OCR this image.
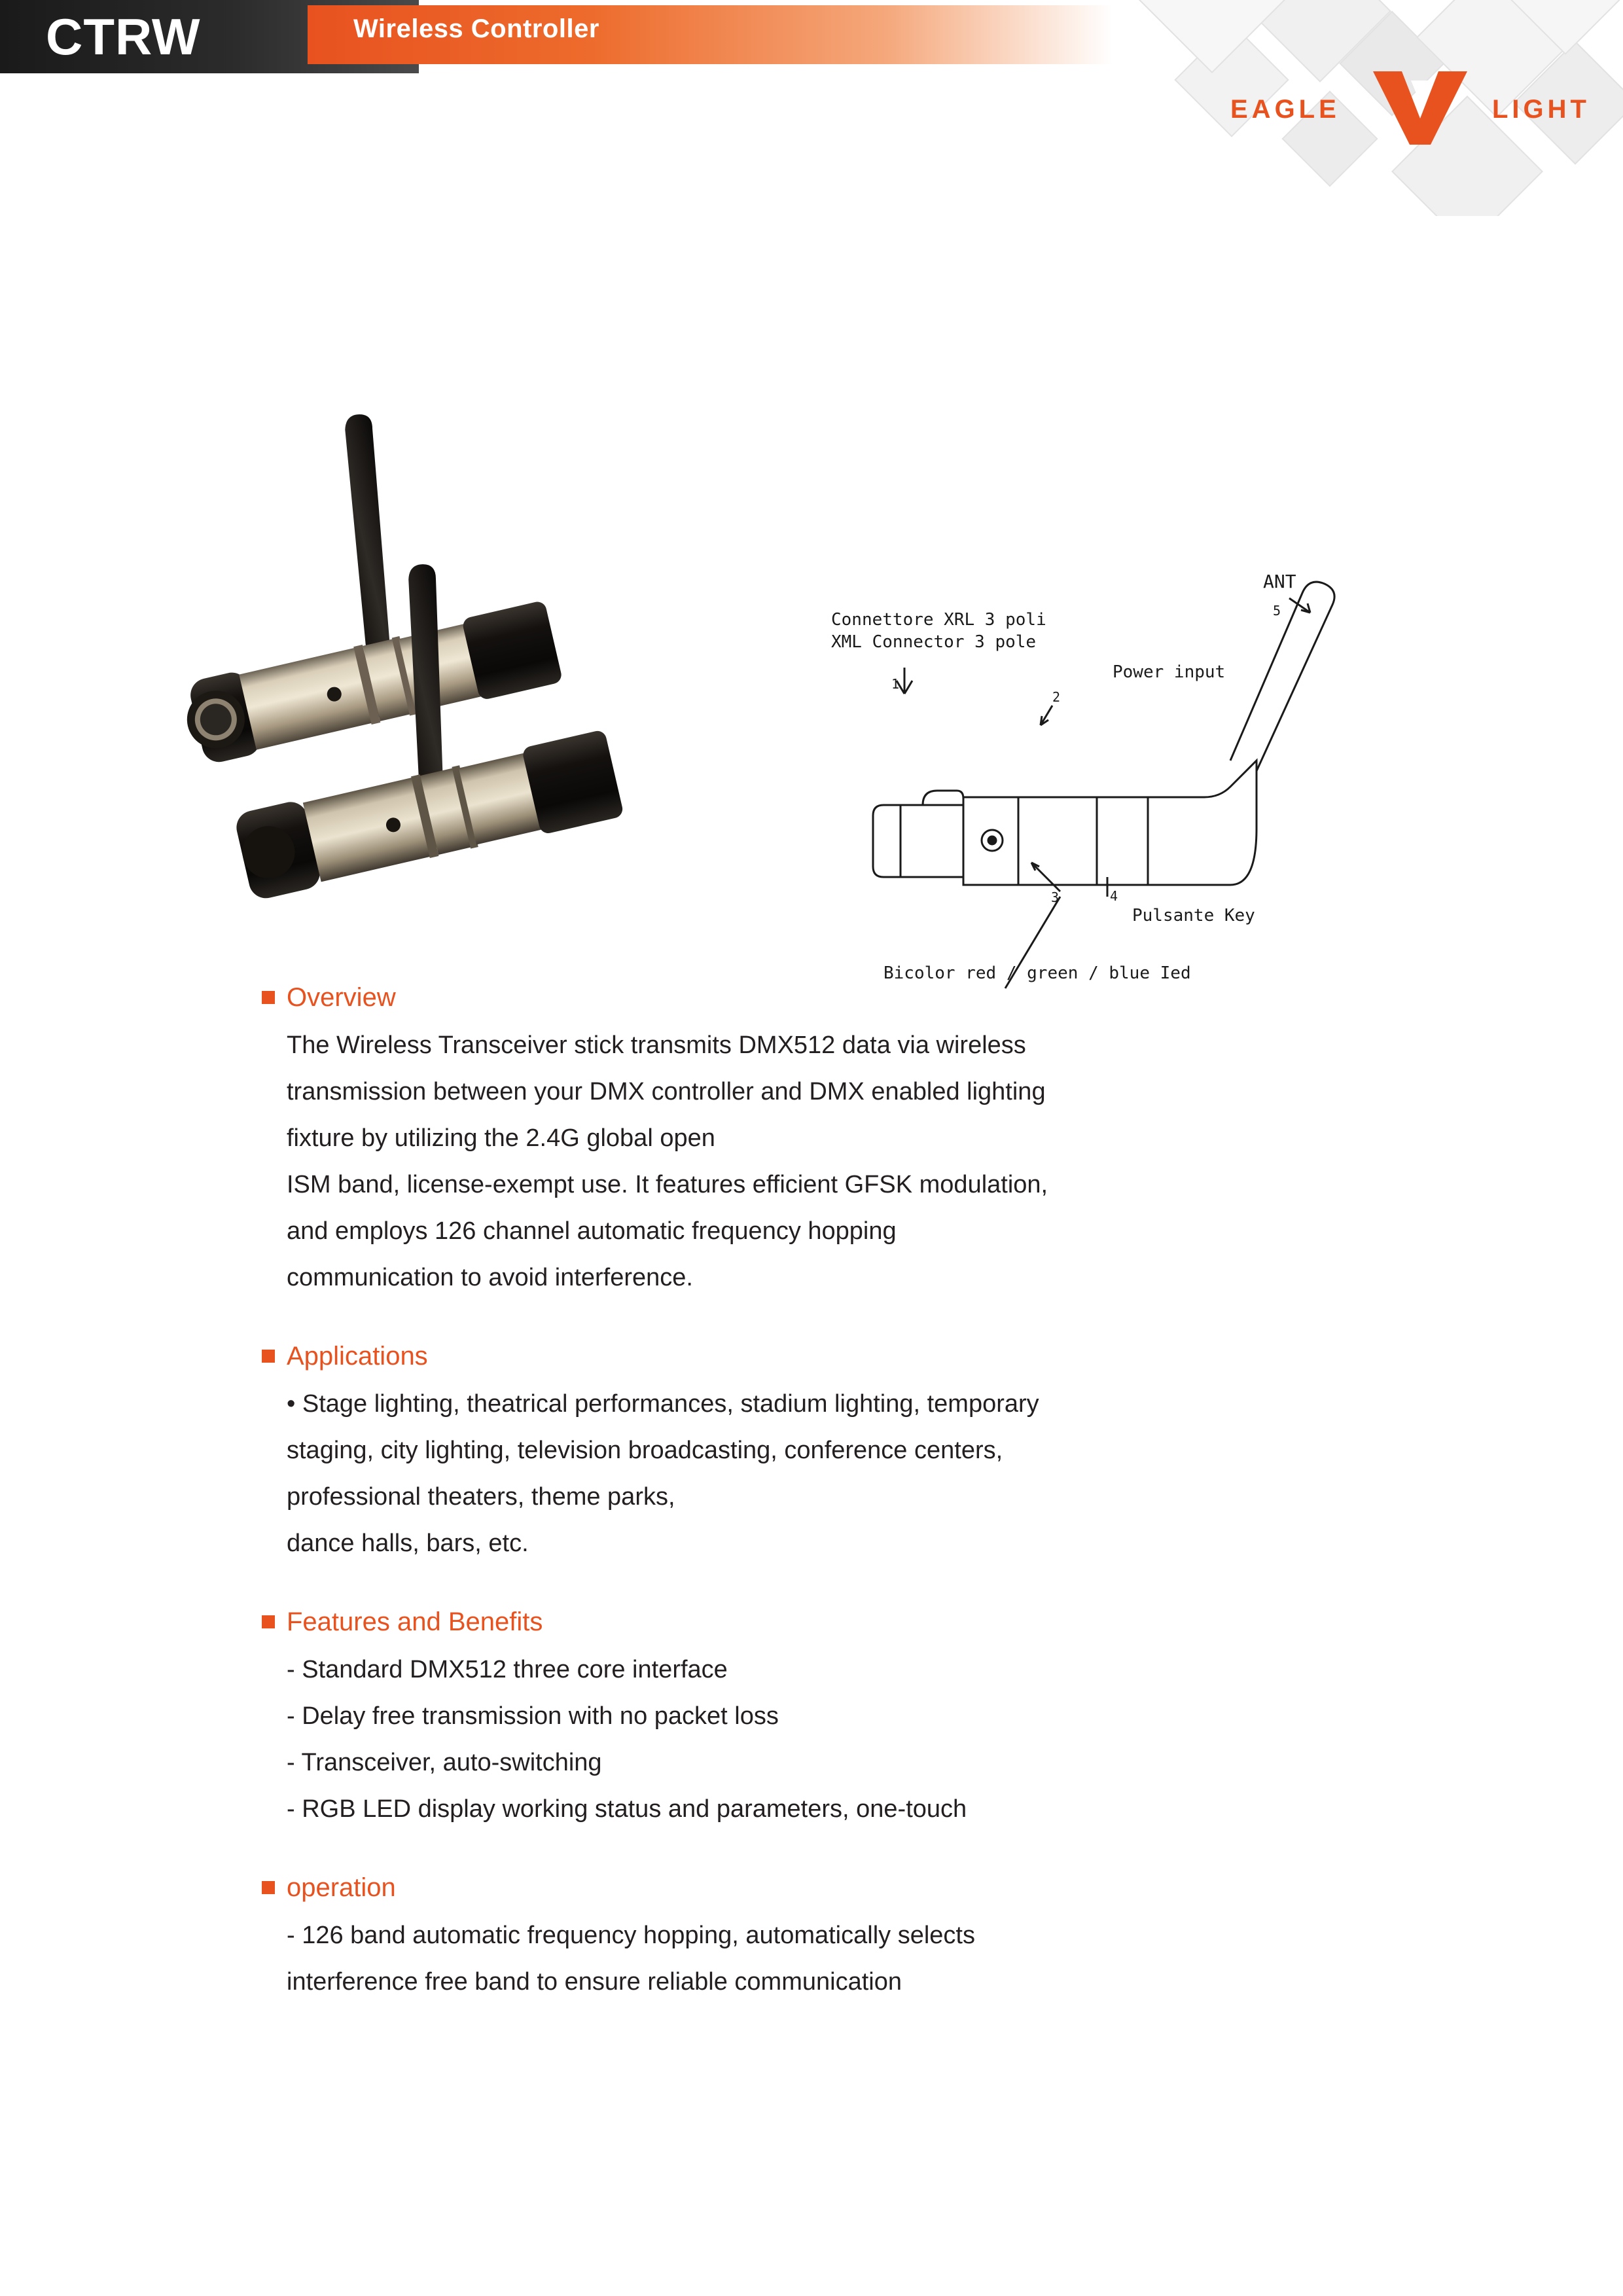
CTRW	Wireless Controller
EAGLE	LIGHT
ANT
5
1
2
3	4
Connettore XRL 3 poli
XML Connector 3 pole
Power input
Pulsante Key
Bicolor red / green / blue Ied
Overview
The Wireless Transceiver stick transmits DMX512 data via wireless
transmission between your DMX controller and DMX enabled lighting
fixture by utilizing the 2.4G global open
ISM band, license-exempt use. It features efficient GFSK modulation,
and employs 126 channel automatic frequency hopping
communication to avoid interference.
Applications
• Stage lighting, theatrical performances, stadium lighting, temporary
staging, city lighting, television broadcasting, conference centers,
professional theaters, theme parks,
dance halls, bars, etc.
Features and Benefits
- Standard DMX512 three core interface
- Delay free transmission with no packet loss
- Transceiver, auto-switching
- RGB LED display working status and parameters, one-touch
operation
- 126 band automatic frequency hopping, automatically selects
interference free band to ensure reliable communication
